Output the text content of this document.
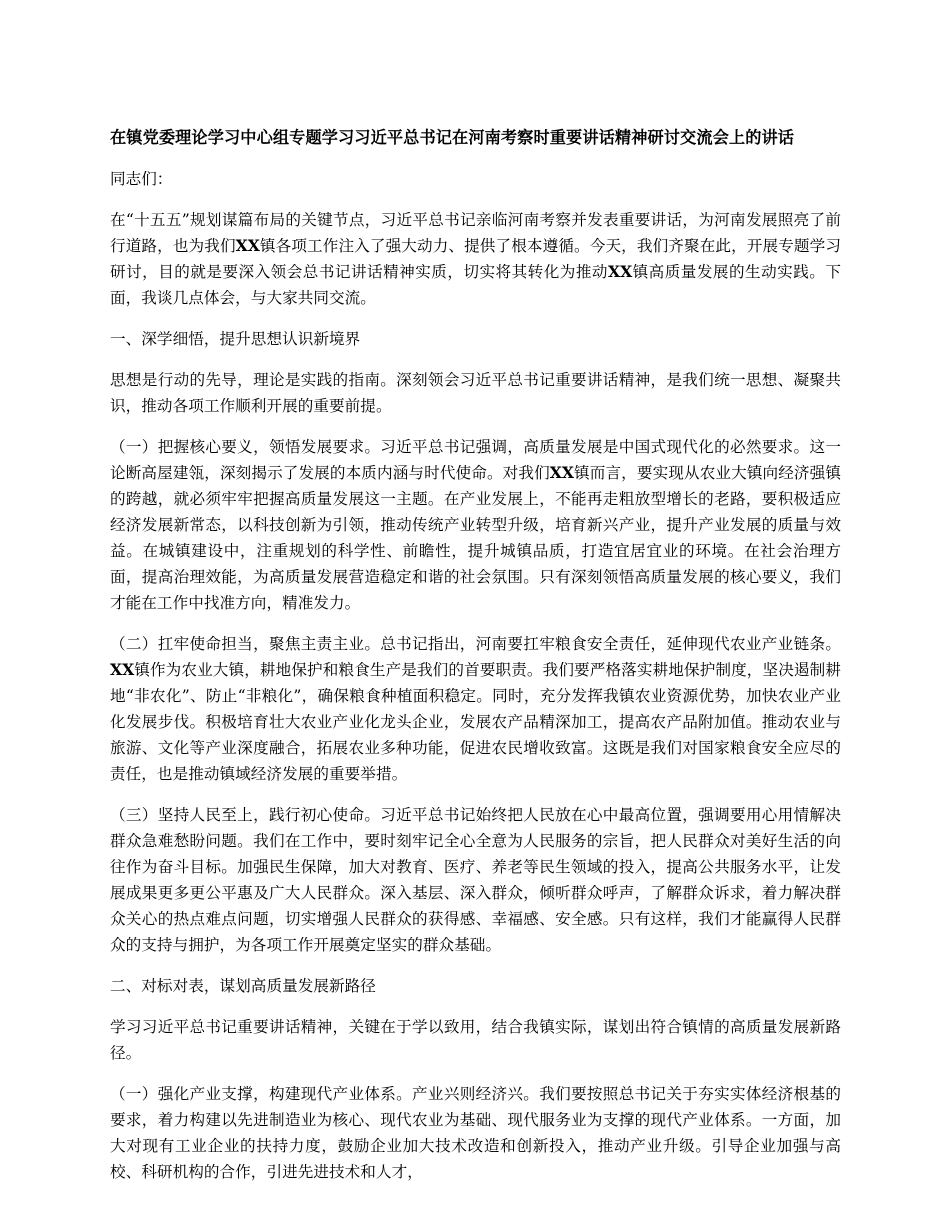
在镇党委理论学习中心组专题学习习近平总书记在河南考察时重要讲话精神研讨交流会上的讲话

同志们：

在“十五五”规划谋篇布局的关键节点，习近平总书记亲临河南考察并发表重要讲话，为河南发展照亮了前行道路，也为我们XX镇各项工作注入了强大动力、提供了根本遵循。今天，我们齐聚在此，开展专题学习研讨，目的就是要深入领会总书记讲话精神实质，切实将其转化为推动XX镇高质量发展的生动实践。下面，我谈几点体会，与大家共同交流。

一、深学细悟，提升思想认识新境界

思想是行动的先导，理论是实践的指南。深刻领会习近平总书记重要讲话精神，是我们统一思想、凝聚共识，推动各项工作顺利开展的重要前提。

（一）把握核心要义，领悟发展要求。习近平总书记强调，高质量发展是中国式现代化的必然要求。这一论断高屋建瓴，深刻揭示了发展的本质内涵与时代使命。对我们XX镇而言，要实现从农业大镇向经济强镇的跨越，就必须牢牢把握高质量发展这一主题。在产业发展上，不能再走粗放型增长的老路，要积极适应经济发展新常态，以科技创新为引领，推动传统产业转型升级，培育新兴产业，提升产业发展的质量与效益。在城镇建设中，注重规划的科学性、前瞻性，提升城镇品质，打造宜居宜业的环境。在社会治理方面，提高治理效能，为高质量发展营造稳定和谐的社会氛围。只有深刻领悟高质量发展的核心要义，我们才能在工作中找准方向，精准发力。

（二）扛牢使命担当，聚焦主责主业。总书记指出，河南要扛牢粮食安全责任，延伸现代农业产业链条。XX镇作为农业大镇，耕地保护和粮食生产是我们的首要职责。我们要严格落实耕地保护制度，坚决遏制耕地“非农化”、防止“非粮化”，确保粮食种植面积稳定。同时，充分发挥我镇农业资源优势，加快农业产业化发展步伐。积极培育壮大农业产业化龙头企业，发展农产品精深加工，提高农产品附加值。推动农业与旅游、文化等产业深度融合，拓展农业多种功能，促进农民增收致富。这既是我们对国家粮食安全应尽的责任，也是推动镇域经济发展的重要举措。

（三）坚持人民至上，践行初心使命。习近平总书记始终把人民放在心中最高位置，强调要用心用情解决群众急难愁盼问题。我们在工作中，要时刻牢记全心全意为人民服务的宗旨，把人民群众对美好生活的向往作为奋斗目标。加强民生保障，加大对教育、医疗、养老等民生领域的投入，提高公共服务水平，让发展成果更多更公平惠及广大人民群众。深入基层、深入群众，倾听群众呼声，了解群众诉求，着力解决群众关心的热点难点问题，切实增强人民群众的获得感、幸福感、安全感。只有这样，我们才能赢得人民群众的支持与拥护，为各项工作开展奠定坚实的群众基础。

二、对标对表，谋划高质量发展新路径

学习习近平总书记重要讲话精神，关键在于学以致用，结合我镇实际，谋划出符合镇情的高质量发展新路径。

（一）强化产业支撑，构建现代产业体系。产业兴则经济兴。我们要按照总书记关于夯实实体经济根基的要求，着力构建以先进制造业为核心、现代农业为基础、现代服务业为支撑的现代产业体系。一方面，加大对现有工业企业的扶持力度，鼓励企业加大技术改造和创新投入，推动产业升级。引导企业加强与高校、科研机构的合作，引进先进技术和人才，
